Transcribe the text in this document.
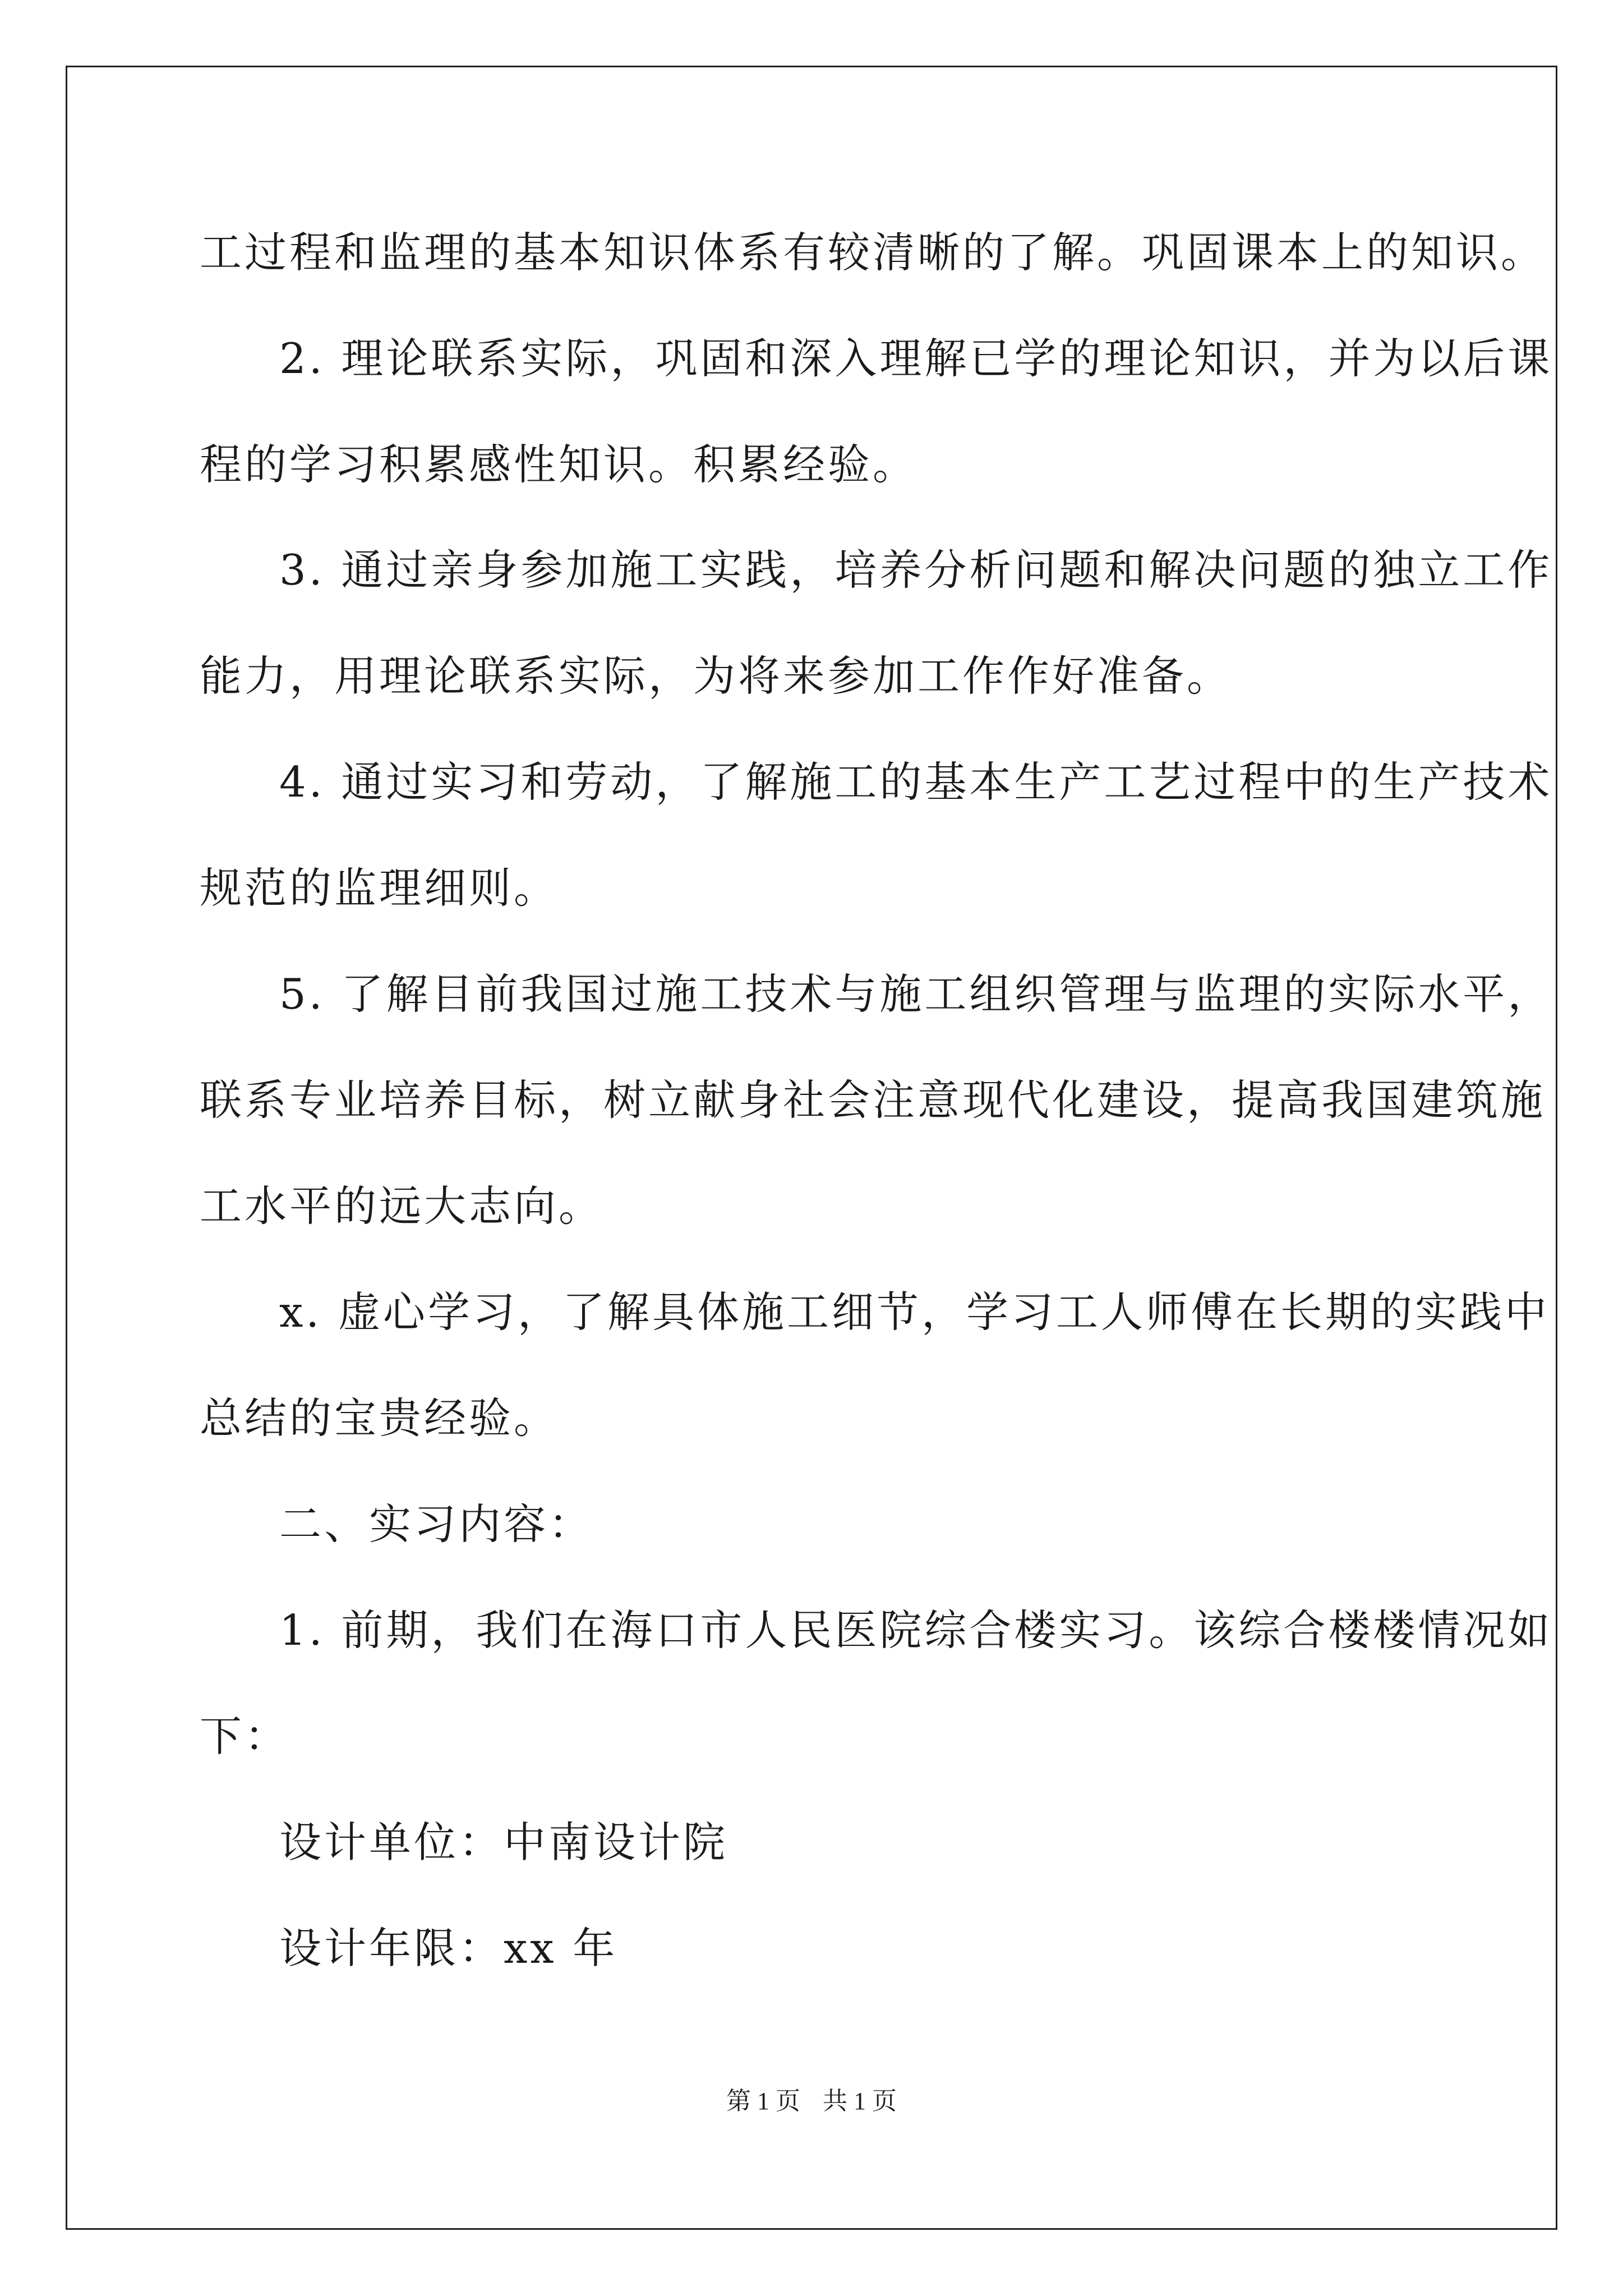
工过程和监理的基本知识体系有较清晰的了解。巩固课本上的知识。
2. 理论联系实际，巩固和深入理解已学的理论知识，并为以后课
程的学习积累感性知识。积累经验。
3. 通过亲身参加施工实践，培养分析问题和解决问题的独立工作
能力，用理论联系实际，为将来参加工作作好准备。
4. 通过实习和劳动，了解施工的基本生产工艺过程中的生产技术
规范的监理细则。
5. 了解目前我国过施工技术与施工组织管理与监理的实际水平，
联系专业培养目标，树立献身社会注意现代化建设，提高我国建筑施
工水平的远大志向。
x. 虚心学习，了解具体施工细节，学习工人师傅在长期的实践中
总结的宝贵经验。
二、实习内容：
1. 前期，我们在海口市人民医院综合楼实习。该综合楼楼情况如
下：
设计单位：中南设计院
设计年限：xx 年
第 1 页 共 1 页
